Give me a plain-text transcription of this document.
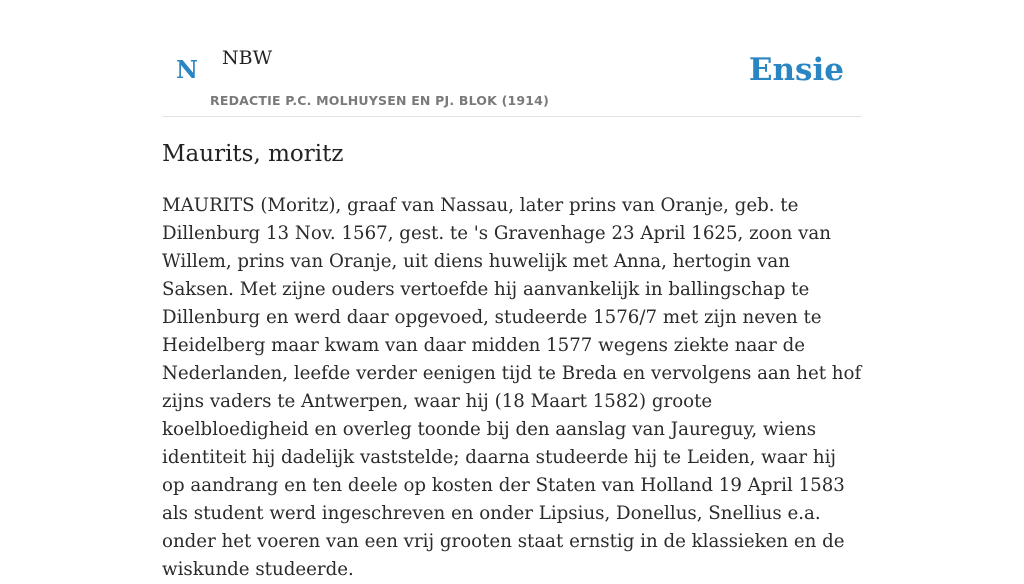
N NBW
REDACTIE P.C. MOLHUYSEN EN PJ. BLOK (1914)
Ensie
Maurits, moritz

MAURITS (Moritz), graaf van Nassau, later prins van Oranje, geb. te Dillenburg 13 Nov. 1567, gest. te 's Gravenhage 23 April 1625, zoon van Willem, prins van Oranje, uit diens huwelijk met Anna, hertogin van Saksen. Met zijne ouders vertoefde hij aanvankelijk in ballingschap te Dillenburg en werd daar opgevoed, studeerde 1576/7 met zijn neven te Heidelberg maar kwam van daar midden 1577 wegens ziekte naar de Nederlanden, leefde verder eenigen tijd te Breda en vervolgens aan het hof zijns vaders te Antwerpen, waar hij (18 Maart 1582) groote koelbloedigheid en overleg toonde bij den aanslag van Jaureguy, wiens identiteit hij dadelijk vaststelde; daarna studeerde hij te Leiden, waar hij op aandrang en ten deele op kosten der Staten van Holland 19 April 1583 als student werd ingeschreven en onder Lipsius, Donellus, Snellius e.a. onder het voeren van een vrij grooten staat ernstig in de klassieken en de wiskunde studeerde.
